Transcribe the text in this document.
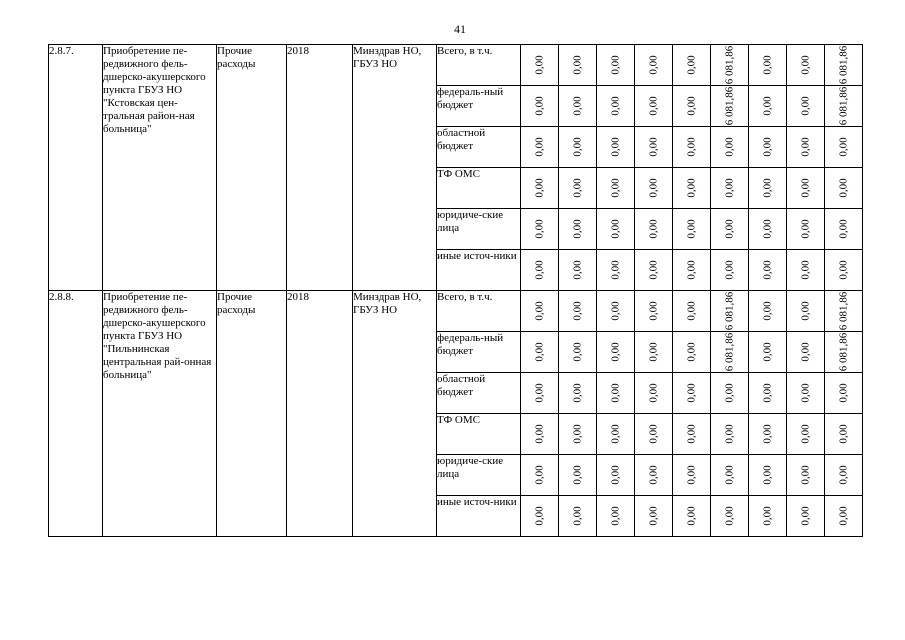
41
2.8.7.	Приобретение пе-редвижного фель-дшерско-акушерского пункта ГБУЗ НО "Кстовская цен-тральная район-ная больница"	Прочие расходы	2018	Минздрав НО, ГБУЗ НО	Всего, в т.ч.	0,00	0,00	0,00	0,00	0,00	6 081,86	0,00	0,00	6 081,86

					федераль-ный бюджет	0,00	0,00	0,00	0,00	0,00	6 081,86	0,00	0,00	6 081,86

					областной бюджет	0,00	0,00	0,00	0,00	0,00	0,00	0,00	0,00	0,00

					ТФ ОМС	0,00	0,00	0,00	0,00	0,00	0,00	0,00	0,00	0,00

					юридиче-ские лица	0,00	0,00	0,00	0,00	0,00	0,00	0,00	0,00	0,00

					иные источ-ники	0,00	0,00	0,00	0,00	0,00	0,00	0,00	0,00	0,00

2.8.8.	Приобретение пе-редвижного фель-дшерско-акушерского пункта ГБУЗ НО "Пильнинская центральная рай-онная больница"	Прочие расходы	2018	Минздрав НО, ГБУЗ НО	Всего, в т.ч.	0,00	0,00	0,00	0,00	0,00	6 081,86	0,00	0,00	6 081,86

					федераль-ный бюджет	0,00	0,00	0,00	0,00	0,00	6 081,86	0,00	0,00	6 081,86

					областной бюджет	0,00	0,00	0,00	0,00	0,00	0,00	0,00	0,00	0,00

					ТФ ОМС	0,00	0,00	0,00	0,00	0,00	0,00	0,00	0,00	0,00

					юридиче-ские лица	0,00	0,00	0,00	0,00	0,00	0,00	0,00	0,00	0,00

					иные источ-ники	0,00	0,00	0,00	0,00	0,00	0,00	0,00	0,00	0,00
